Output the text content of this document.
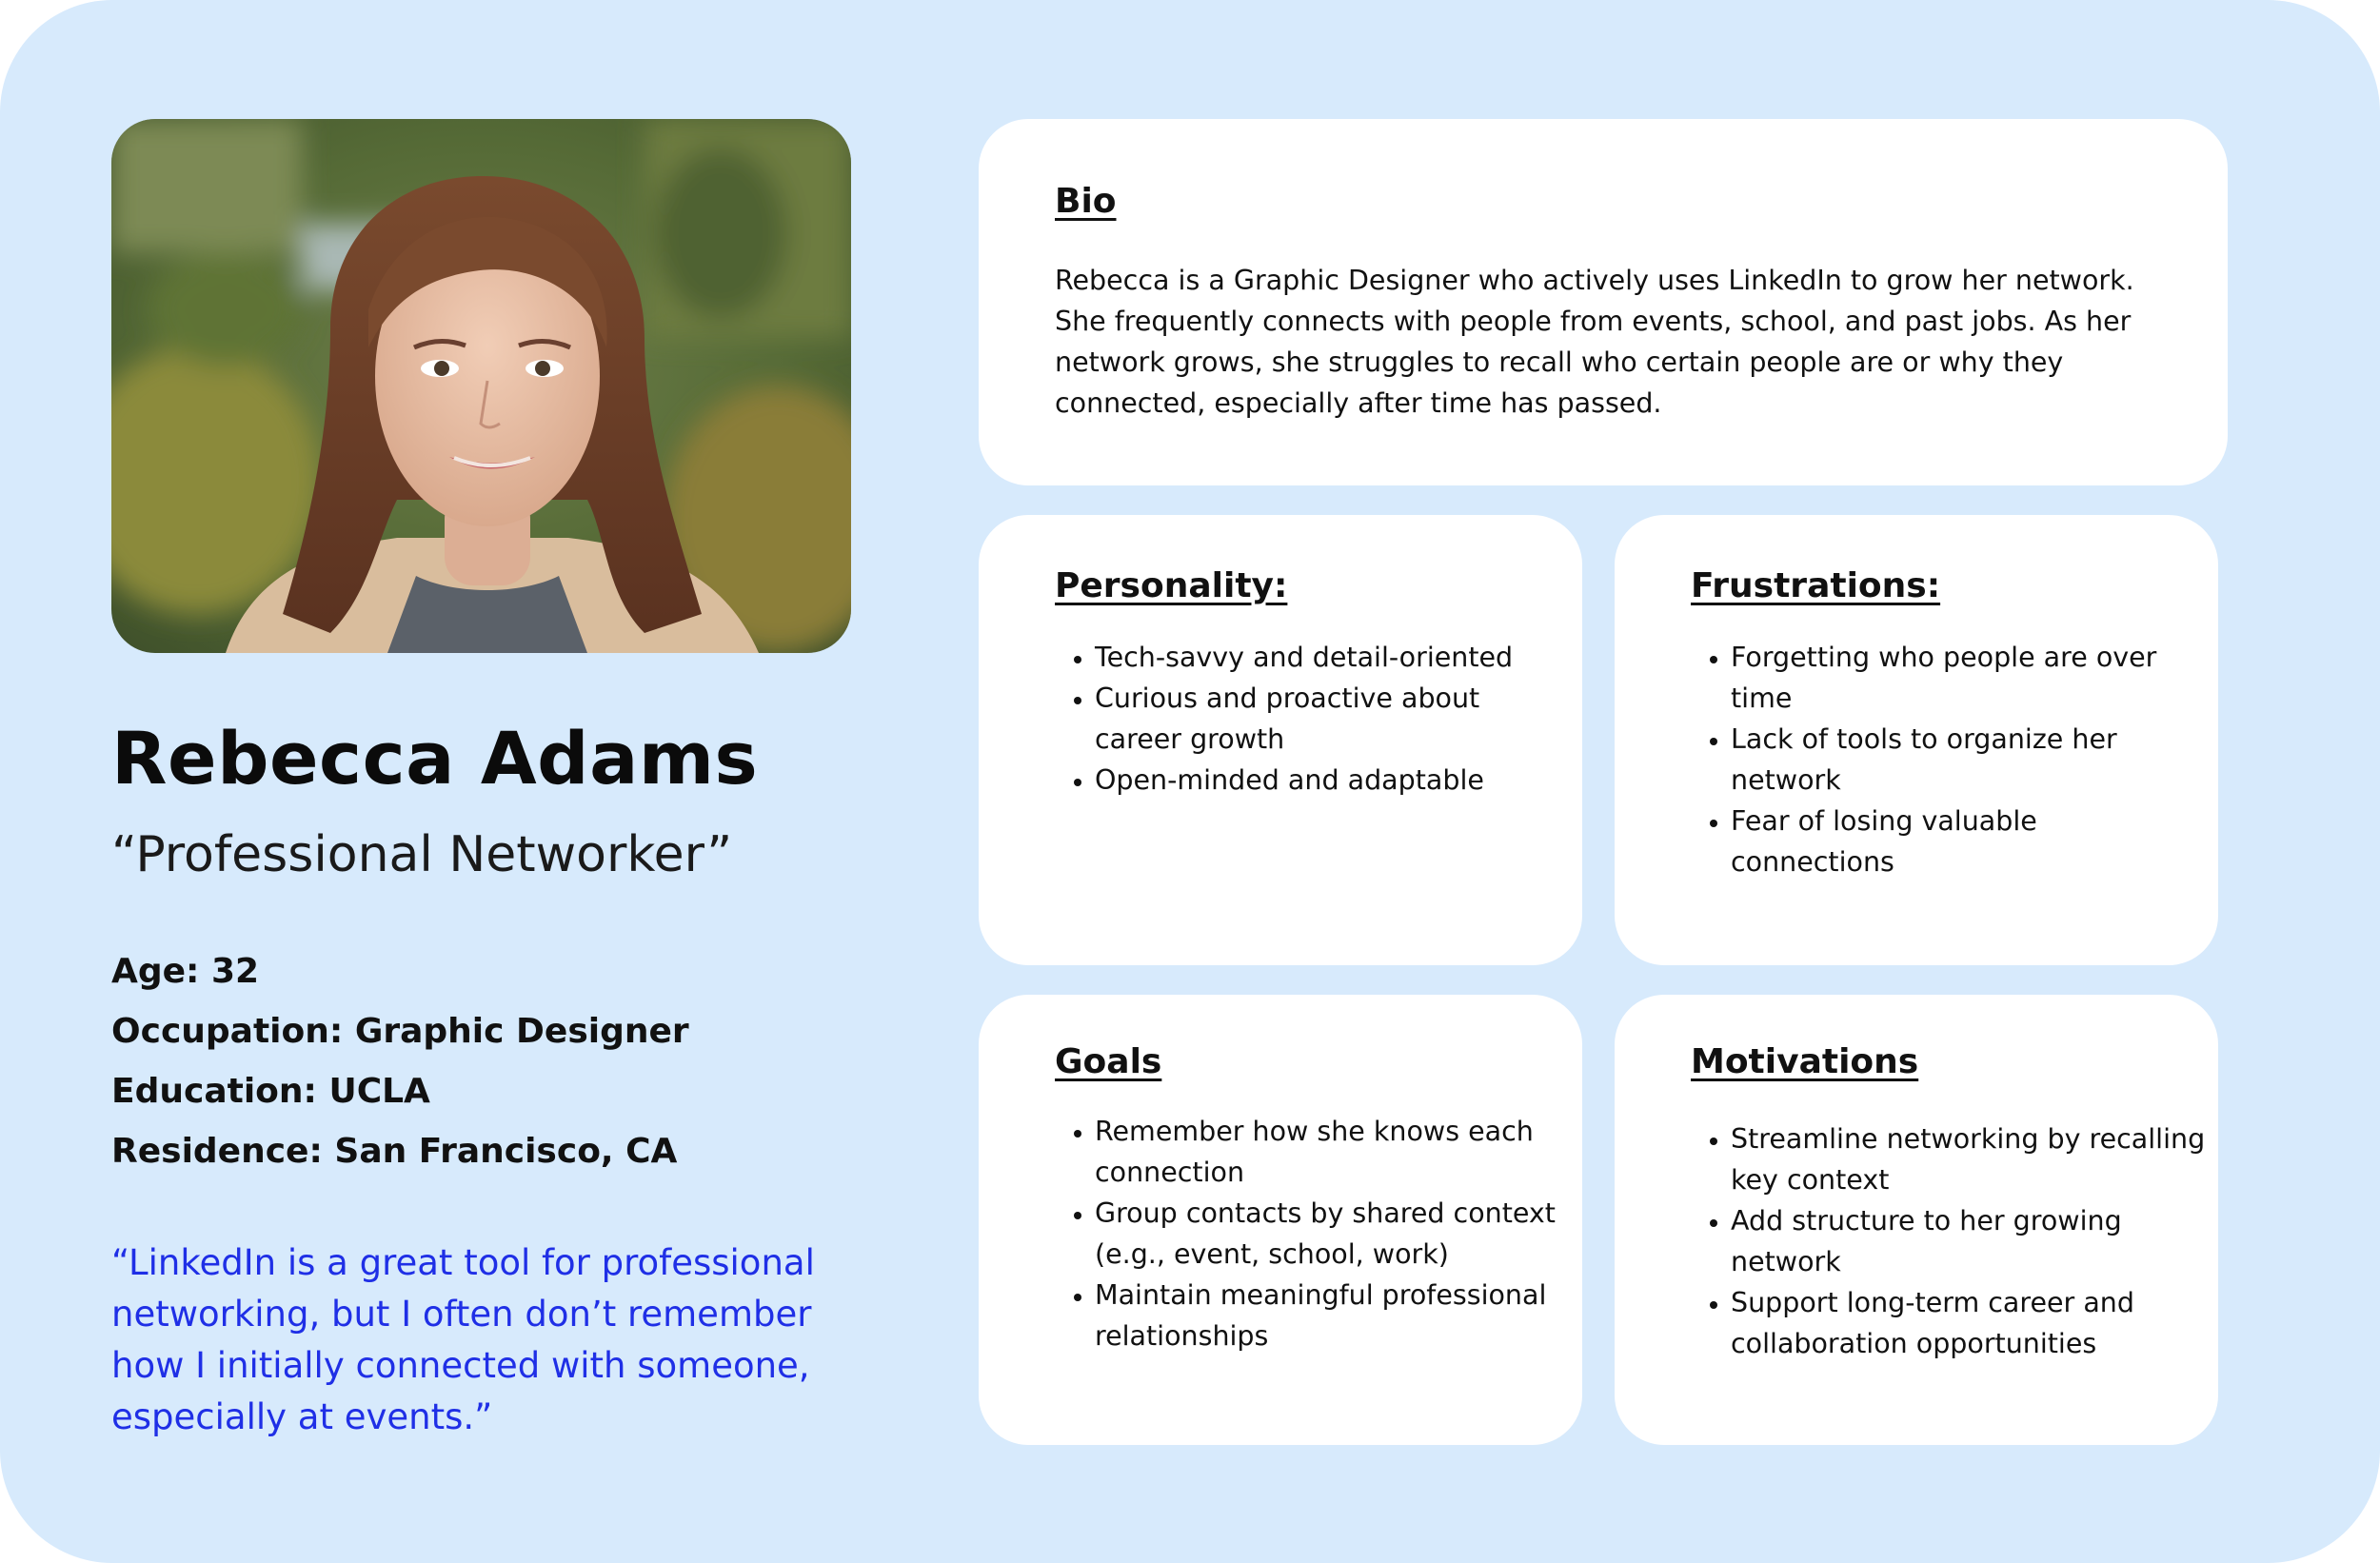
Rebecca Adams

“Professional Networker”

Age: 32
Occupation: Graphic Designer
Education: UCLA
Residence: San Francisco, CA

“LinkedIn is a great tool for professional networking, but I often don’t remember how I initially connected with someone, especially at events.”

Bio

Rebecca is a Graphic Designer who actively uses LinkedIn to grow her network. She frequently connects with people from events, school, and past jobs. As her network grows, she struggles to recall who certain people are or why they connected, especially after time has passed.

Personality:
• Tech-savvy and detail-oriented
• Curious and proactive about career growth
• Open-minded and adaptable
Frustrations:
• Forgetting who people are over time
• Lack of tools to organize her network
• Fear of losing valuable connections
Goals
• Remember how she knows each connection
• Group contacts by shared context (e.g., event, school, work)
• Maintain meaningful professional relationships
Motivations
• Streamline networking by recalling key context
• Add structure to her growing network
• Support long-term career and collaboration opportunities
